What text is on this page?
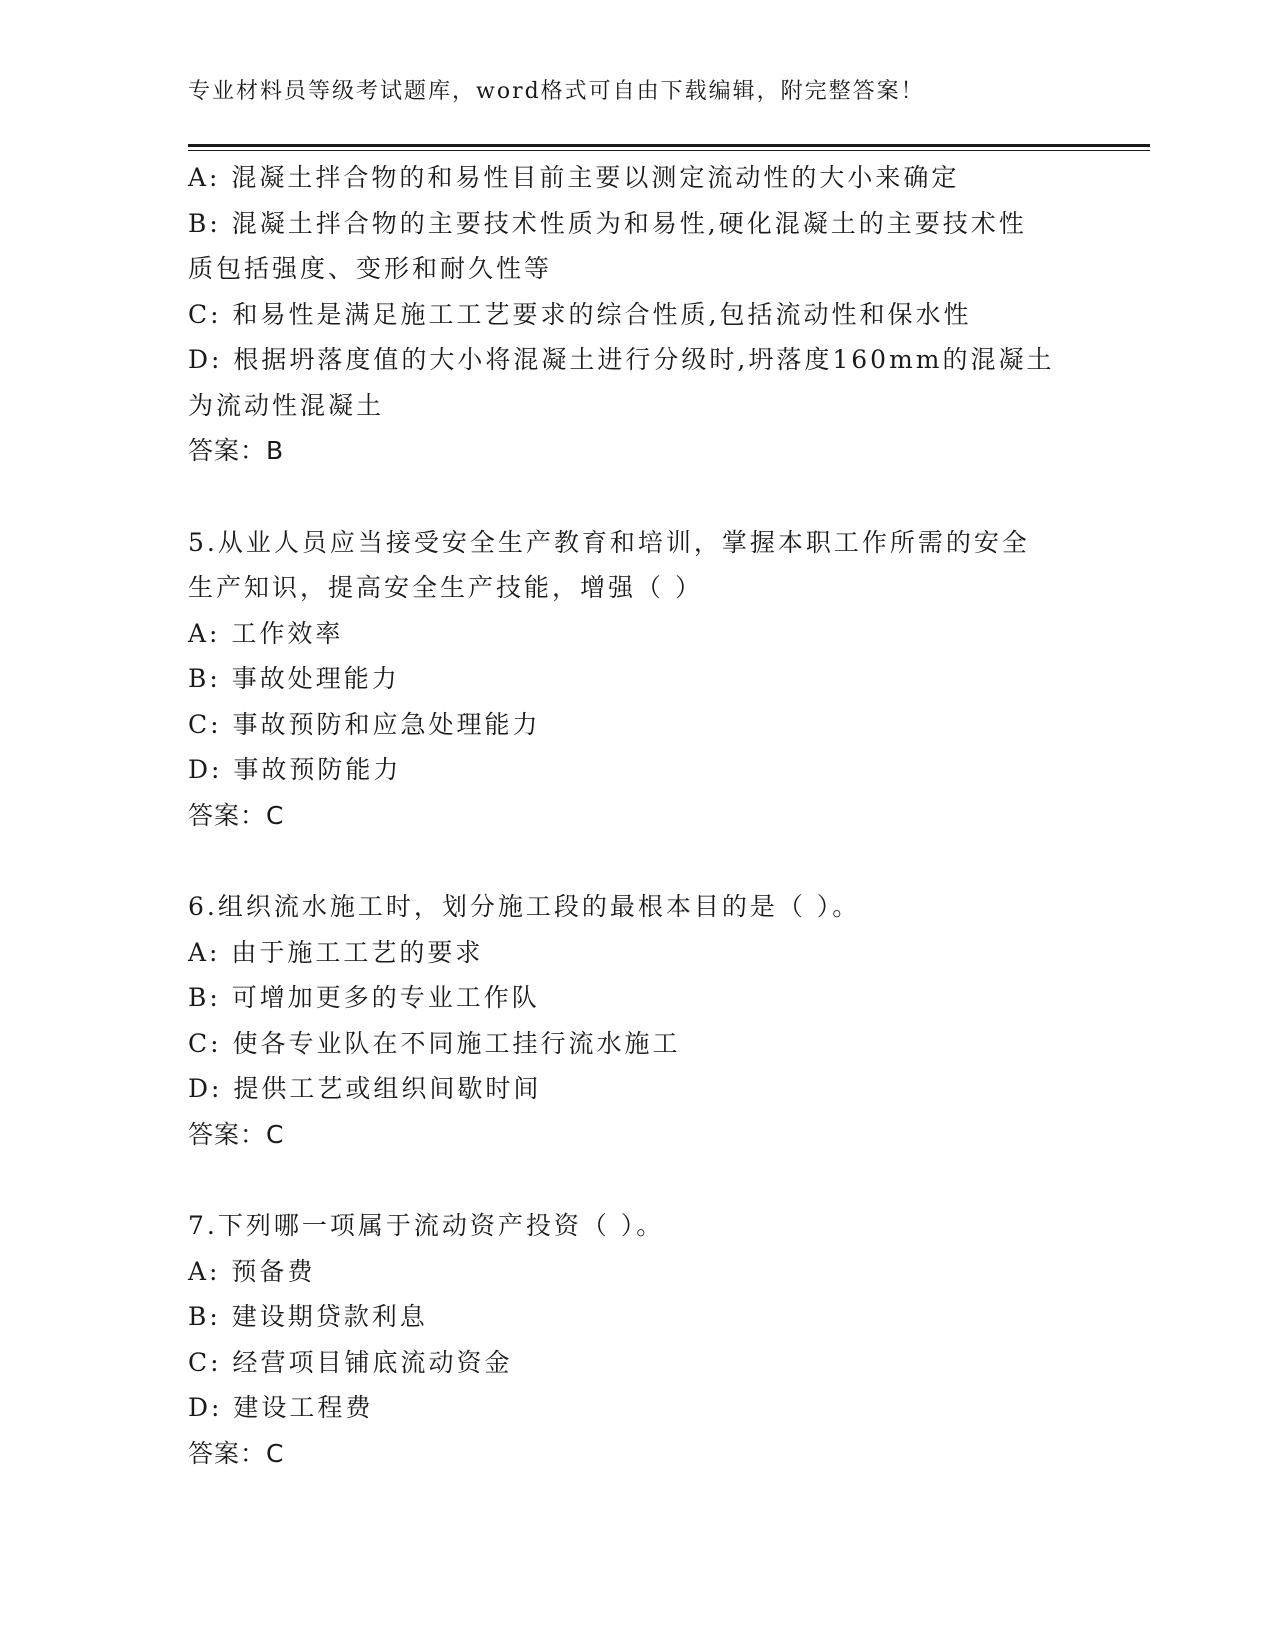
专业材料员等级考试题库，word格式可自由下载编辑，附完整答案！
A: 混凝土拌合物的和易性目前主要以测定流动性的大小来确定
B: 混凝土拌合物的主要技术性质为和易性,硬化混凝土的主要技术性
质包括强度、变形和耐久性等
C: 和易性是满足施工工艺要求的综合性质,包括流动性和保水性
D: 根据坍落度值的大小将混凝土进行分级时,坍落度160mm的混凝土
为流动性混凝土
答案：B
5.从业人员应当接受安全生产教育和培训，掌握本职工作所需的安全
生产知识，提高安全生产技能，增强（ ）
A: 工作效率
B: 事故处理能力
C: 事故预防和应急处理能力
D: 事故预防能力
答案：C
6.组织流水施工时，划分施工段的最根本目的是（ ）。
A: 由于施工工艺的要求
B: 可增加更多的专业工作队
C: 使各专业队在不同施工挂行流水施工
D: 提供工艺或组织间歇时间
答案：C
7.下列哪一项属于流动资产投资（ ）。
A: 预备费
B: 建设期贷款利息
C: 经营项目铺底流动资金
D: 建设工程费
答案：C
